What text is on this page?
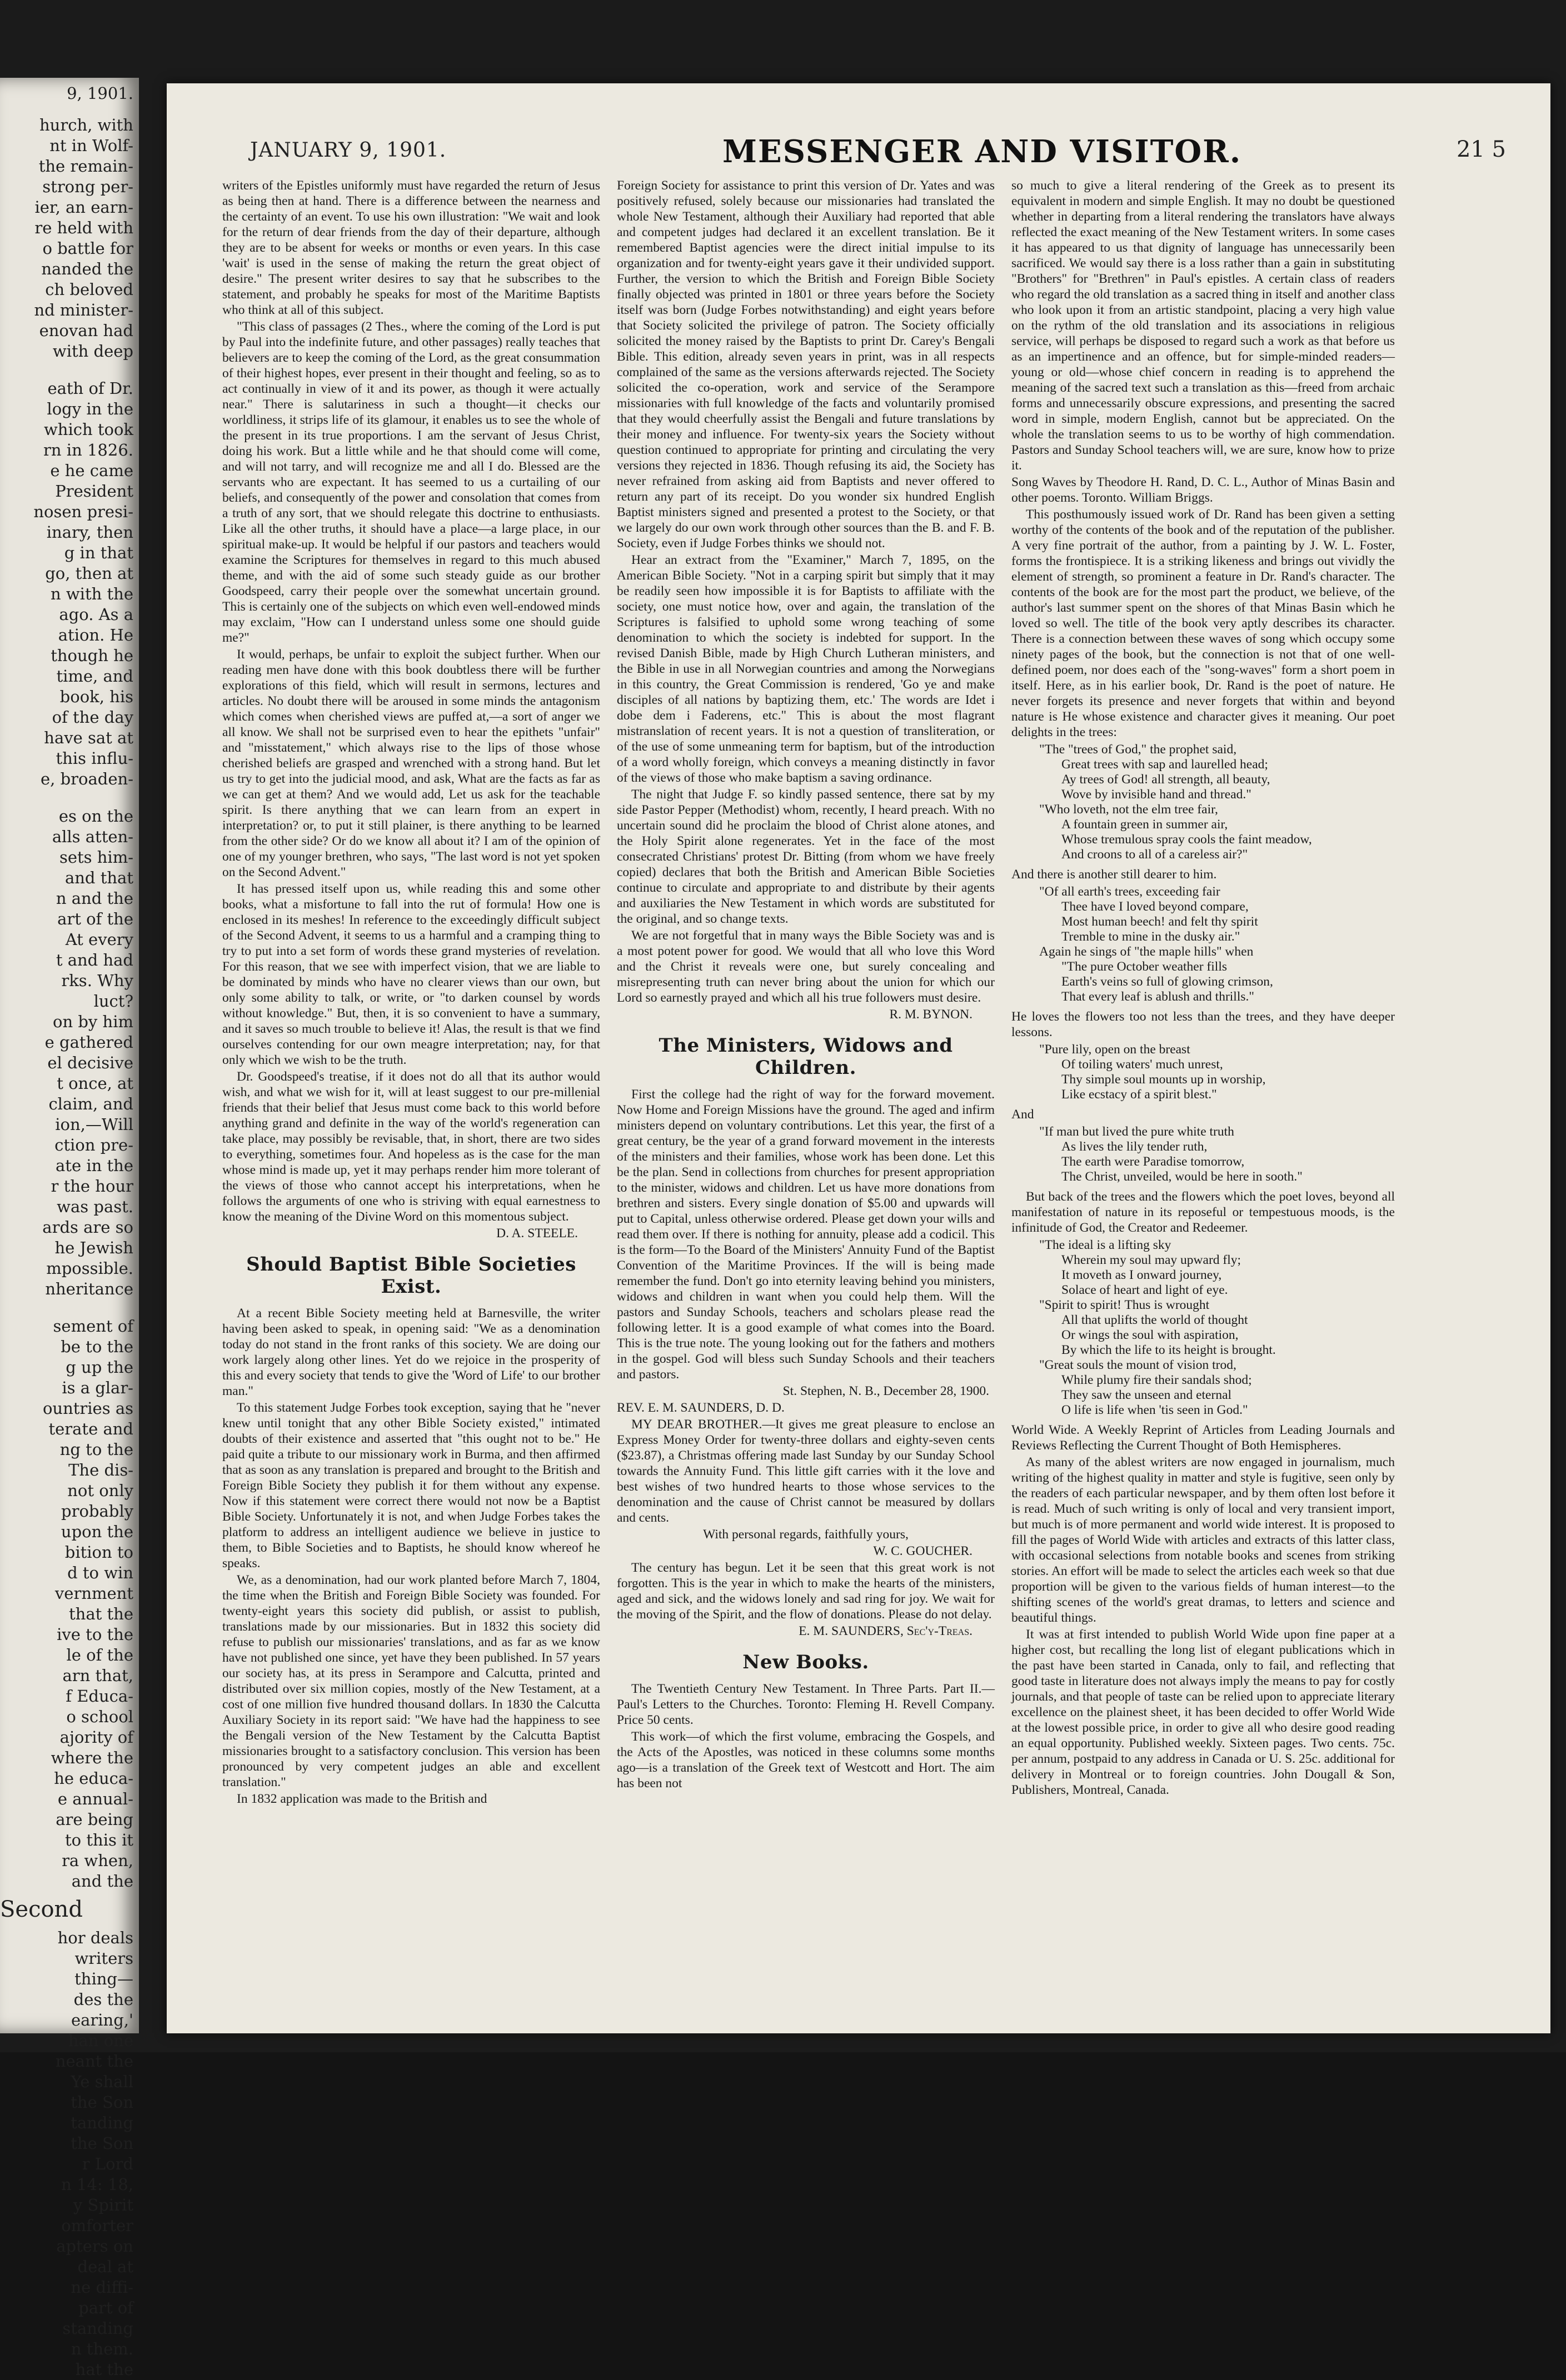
9, 1901.

hurch, with

nt in Wolf-

the remain-

strong per-

ier, an earn-

re held with

o battle for

nanded the

ch beloved

nd minister-

enovan had

with deep

eath of Dr.

logy in the

which took

rn in 1826.

e he came

President

nosen presi-

inary, then

g in that

go, then at

n with the

ago. As a

ation. He

though he

time, and

book, his

of the day

have sat at

this influ-

e, broaden-

es on the

alls atten-

sets him-

and that

n and the

art of the

At every

t and had

rks. Why

luct?

on by him

e gathered

el decisive

t once, at

claim, and

ion,—Will

ction pre-

ate in the

r the hour

was past.

ards are so

he Jewish

mpossible.

nheritance

sement of

be to the

g up the

is a glar-

ountries as

terate and

ng to the

The dis-

not only

probably

upon the

bition to

d to win

vernment

that the

ive to the

le of the

arn that,

f Educa-

o school

ajority of

where the

he educa-

e annual-

are being

to this it

ra when,

and the

Second

hor deals

writers

thing—

des the

earing,'

han one

neant the

Ye shall

the Son

tanding

the Son

r Lord

n 14: 18,

y Spirit

omforter

apters on

deal at

ne diffi-

part of

standing

n them.

hat the

JANUARY 9, 1901.	MESSENGER AND VISITOR.	21 5

writers of the Epistles uniformly must have regarded the return of Jesus as being then at hand. There is a difference between the nearness and the certainty of an event. To use his own illustration: "We wait and look for the return of dear friends from the day of their departure, although they are to be absent for weeks or months or even years. In this case 'wait' is used in the sense of making the return the great object of desire." The present writer desires to say that he subscribes to the statement, and probably he speaks for most of the Maritime Baptists who think at all of this subject.

"This class of passages (2 Thes., where the coming of the Lord is put by Paul into the indefinite future, and other passages) really teaches that believers are to keep the coming of the Lord, as the great consummation of their highest hopes, ever present in their thought and feeling, so as to act continually in view of it and its power, as though it were actually near." There is salutariness in such a thought—it checks our worldliness, it strips life of its glamour, it enables us to see the whole of the present in its true proportions. I am the servant of Jesus Christ, doing his work. But a little while and he that should come will come, and will not tarry, and will recognize me and all I do. Blessed are the servants who are expectant. It has seemed to us a curtailing of our beliefs, and consequently of the power and consolation that comes from a truth of any sort, that we should relegate this doctrine to enthusiasts. Like all the other truths, it should have a place—a large place, in our spiritual make-up. It would be helpful if our pastors and teachers would examine the Scriptures for themselves in regard to this much abused theme, and with the aid of some such steady guide as our brother Goodspeed, carry their people over the somewhat uncertain ground. This is certainly one of the subjects on which even well-endowed minds may exclaim, "How can I understand unless some one should guide me?"

It would, perhaps, be unfair to exploit the subject further. When our reading men have done with this book doubtless there will be further explorations of this field, which will result in sermons, lectures and articles. No doubt there will be aroused in some minds the antagonism which comes when cherished views are puffed at,—a sort of anger we all know. We shall not be surprised even to hear the epithets "unfair" and "misstatement," which always rise to the lips of those whose cherished beliefs are grasped and wrenched with a strong hand. But let us try to get into the judicial mood, and ask, What are the facts as far as we can get at them? And we would add, Let us ask for the teachable spirit. Is there anything that we can learn from an expert in interpretation? or, to put it still plainer, is there anything to be learned from the other side? Or do we know all about it? I am of the opinion of one of my younger brethren, who says, "The last word is not yet spoken on the Second Advent."

It has pressed itself upon us, while reading this and some other books, what a misfortune to fall into the rut of formula! How one is enclosed in its meshes! In reference to the exceedingly difficult subject of the Second Advent, it seems to us a harmful and a cramping thing to try to put into a set form of words these grand mysteries of revelation. For this reason, that we see with imperfect vision, that we are liable to be dominated by minds who have no clearer views than our own, but only some ability to talk, or write, or "to darken counsel by words without knowledge." But, then, it is so convenient to have a summary, and it saves so much trouble to believe it! Alas, the result is that we find ourselves contending for our own meagre interpretation; nay, for that only which we wish to be the truth.

Dr. Goodspeed's treatise, if it does not do all that its author would wish, and what we wish for it, will at least suggest to our pre-millenial friends that their belief that Jesus must come back to this world before anything grand and definite in the way of the world's regeneration can take place, may possibly be revisable, that, in short, there are two sides to everything, sometimes four. And hopeless as is the case for the man whose mind is made up, yet it may perhaps render him more tolerant of the views of those who cannot accept his interpretations, when he follows the arguments of one who is striving with equal earnestness to know the meaning of the Divine Word on this momentous subject.

D. A. STEELE.

Should Baptist Bible Societies Exist.

At a recent Bible Society meeting held at Barnesville, the writer having been asked to speak, in opening said: "We as a denomination today do not stand in the front ranks of this society. We are doing our work largely along other lines. Yet do we rejoice in the prosperity of this and every society that tends to give the 'Word of Life' to our brother man."

To this statement Judge Forbes took exception, saying that he "never knew until tonight that any other Bible Society existed," intimated doubts of their existence and asserted that "this ought not to be." He paid quite a tribute to our missionary work in Burma, and then affirmed that as soon as any translation is prepared and brought to the British and Foreign Bible Society they publish it for them without any expense. Now if this statement were correct there would not now be a Baptist Bible Society. Unfortunately it is not, and when Judge Forbes takes the platform to address an intelligent audience we believe in justice to them, to Bible Societies and to Baptists, he should know whereof he speaks.

We, as a denomination, had our work planted before March 7, 1804, the time when the British and Foreign Bible Society was founded. For twenty-eight years this society did publish, or assist to publish, translations made by our missionaries. But in 1832 this society did refuse to publish our missionaries' translations, and as far as we know have not published one since, yet have they been published. In 57 years our society has, at its press in Serampore and Calcutta, printed and distributed over six million copies, mostly of the New Testament, at a cost of one million five hundred thousand dollars. In 1830 the Calcutta Auxiliary Society in its report said: "We have had the happiness to see the Bengali version of the New Testament by the Calcutta Baptist missionaries brought to a satisfactory conclusion. This version has been pronounced by very competent judges an able and excellent translation."

In 1832 application was made to the British and

Foreign Society for assistance to print this version of Dr. Yates and was positively refused, solely because our missionaries had translated the whole New Testament, although their Auxiliary had reported that able and competent judges had declared it an excellent translation. Be it remembered Baptist agencies were the direct initial impulse to its organization and for twenty-eight years gave it their undivided support. Further, the version to which the British and Foreign Bible Society finally objected was printed in 1801 or three years before the Society itself was born (Judge Forbes notwithstanding) and eight years before that Society solicited the privilege of patron. The Society officially solicited the money raised by the Baptists to print Dr. Carey's Bengali Bible. This edition, already seven years in print, was in all respects complained of the same as the versions afterwards rejected. The Society solicited the co-operation, work and service of the Serampore missionaries with full knowledge of the facts and voluntarily promised that they would cheerfully assist the Bengali and future translations by their money and influence. For twenty-six years the Society without question continued to appropriate for printing and circulating the very versions they rejected in 1836. Though refusing its aid, the Society has never refrained from asking aid from Baptists and never offered to return any part of its receipt. Do you wonder six hundred English Baptist ministers signed and presented a protest to the Society, or that we largely do our own work through other sources than the B. and F. B. Society, even if Judge Forbes thinks we should not.

Hear an extract from the "Examiner," March 7, 1895, on the American Bible Society. "Not in a carping spirit but simply that it may be readily seen how impossible it is for Baptists to affiliate with the society, one must notice how, over and again, the translation of the Scriptures is falsified to uphold some wrong teaching of some denomination to which the society is indebted for support. In the revised Danish Bible, made by High Church Lutheran ministers, and the Bible in use in all Norwegian countries and among the Norwegians in this country, the Great Commission is rendered, 'Go ye and make disciples of all nations by baptizing them, etc.' The words are Idet i dobe dem i Faderens, etc." This is about the most flagrant mistranslation of recent years. It is not a question of transliteration, or of the use of some unmeaning term for baptism, but of the introduction of a word wholly foreign, which conveys a meaning distinctly in favor of the views of those who make baptism a saving ordinance.

The night that Judge F. so kindly passed sentence, there sat by my side Pastor Pepper (Methodist) whom, recently, I heard preach. With no uncertain sound did he proclaim the blood of Christ alone atones, and the Holy Spirit alone regenerates. Yet in the face of the most consecrated Christians' protest Dr. Bitting (from whom we have freely copied) declares that both the British and American Bible Societies continue to circulate and appropriate to and distribute by their agents and auxiliaries the New Testament in which words are substituted for the original, and so change texts.

We are not forgetful that in many ways the Bible Society was and is a most potent power for good. We would that all who love this Word and the Christ it reveals were one, but surely concealing and misrepresenting truth can never bring about the union for which our Lord so earnestly prayed and which all his true followers must desire.

R. M. BYNON.

The Ministers, Widows and Children.

First the college had the right of way for the forward movement. Now Home and Foreign Missions have the ground. The aged and infirm ministers depend on voluntary contributions. Let this year, the first of a great century, be the year of a grand forward movement in the interests of the ministers and their families, whose work has been done. Let this be the plan. Send in collections from churches for present appropriation to the minister, widows and children. Let us have more donations from brethren and sisters. Every single donation of $5.00 and upwards will put to Capital, unless otherwise ordered. Please get down your wills and read them over. If there is nothing for annuity, please add a codicil. This is the form—To the Board of the Ministers' Annuity Fund of the Baptist Convention of the Maritime Provinces. If the will is being made remember the fund. Don't go into eternity leaving behind you ministers, widows and children in want when you could help them. Will the pastors and Sunday Schools, teachers and scholars please read the following letter. It is a good example of what comes into the Board. This is the true note. The young looking out for the fathers and mothers in the gospel. God will bless such Sunday Schools and their teachers and pastors.

St. Stephen, N. B., December 28, 1900.

REV. E. M. SAUNDERS, D. D.

MY DEAR BROTHER.—It gives me great pleasure to enclose an Express Money Order for twenty-three dollars and eighty-seven cents ($23.87), a Christmas offering made last Sunday by our Sunday School towards the Annuity Fund. This little gift carries with it the love and best wishes of two hundred hearts to those whose services to the denomination and the cause of Christ cannot be measured by dollars and cents.

With personal regards, faithfully yours,

W. C. GOUCHER.

The century has begun. Let it be seen that this great work is not forgotten. This is the year in which to make the hearts of the ministers, aged and sick, and the widows lonely and sad ring for joy. We wait for the moving of the Spirit, and the flow of donations. Please do not delay.

E. M. SAUNDERS, Sec'y-Treas.

New Books.

The Twentieth Century New Testament. In Three Parts. Part II.—Paul's Letters to the Churches. Toronto: Fleming H. Revell Company. Price 50 cents.

This work—of which the first volume, embracing the Gospels, and the Acts of the Apostles, was noticed in these columns some months ago—is a translation of the Greek text of Westcott and Hort. The aim has been not

so much to give a literal rendering of the Greek as to present its equivalent in modern and simple English. It may no doubt be questioned whether in departing from a literal rendering the translators have always reflected the exact meaning of the New Testament writers. In some cases it has appeared to us that dignity of language has unnecessarily been sacrificed. We would say there is a loss rather than a gain in substituting "Brothers" for "Brethren" in Paul's epistles. A certain class of readers who regard the old translation as a sacred thing in itself and another class who look upon it from an artistic standpoint, placing a very high value on the rythm of the old translation and its associations in religious service, will perhaps be disposed to regard such a work as that before us as an impertinence and an offence, but for simple-minded readers—young or old—whose chief concern in reading is to apprehend the meaning of the sacred text such a translation as this—freed from archaic forms and unnecessarily obscure expressions, and presenting the sacred word in simple, modern English, cannot but be appreciated. On the whole the translation seems to us to be worthy of high commendation. Pastors and Sunday School teachers will, we are sure, know how to prize it.

Song Waves by Theodore H. Rand, D. C. L., Author of Minas Basin and other poems. Toronto. William Briggs.

This posthumously issued work of Dr. Rand has been given a setting worthy of the contents of the book and of the reputation of the publisher. A very fine portrait of the author, from a painting by J. W. L. Foster, forms the frontispiece. It is a striking likeness and brings out vividly the element of strength, so prominent a feature in Dr. Rand's character. The contents of the book are for the most part the product, we believe, of the author's last summer spent on the shores of that Minas Basin which he loved so well. The title of the book very aptly describes its character. There is a connection between these waves of song which occupy some ninety pages of the book, but the connection is not that of one well-defined poem, nor does each of the "song-waves" form a short poem in itself. Here, as in his earlier book, Dr. Rand is the poet of nature. He never forgets its presence and never forgets that within and beyond nature is He whose existence and character gives it meaning. Our poet delights in the trees:

"The "trees of God," the prophet said,
Great trees with sap and laurelled head;
Ay trees of God! all strength, all beauty,
Wove by invisible hand and thread."
"Who loveth, not the elm tree fair,
A fountain green in summer air,
Whose tremulous spray cools the faint meadow,
And croons to all of a careless air?"

And there is another still dearer to him.

"Of all earth's trees, exceeding fair
Thee have I loved beyond compare,
Most human beech! and felt thy spirit
Tremble to mine in the dusky air."
Again he sings of "the maple hills" when
"The pure October weather fills
Earth's veins so full of glowing crimson,
That every leaf is ablush and thrills."

He loves the flowers too not less than the trees, and they have deeper lessons.

"Pure lily, open on the breast
Of toiling waters' much unrest,
Thy simple soul mounts up in worship,
Like ecstacy of a spirit blest."

And

"If man but lived the pure white truth
As lives the lily tender ruth,
The earth were Paradise tomorrow,
The Christ, unveiled, would be here in sooth."

But back of the trees and the flowers which the poet loves, beyond all manifestation of nature in its reposeful or tempestuous moods, is the infinitude of God, the Creator and Redeemer.

"The ideal is a lifting sky
Wherein my soul may upward fly;
It moveth as I onward journey,
Solace of heart and light of eye.
"Spirit to spirit! Thus is wrought
All that uplifts the world of thought
Or wings the soul with aspiration,
By which the life to its height is brought.
"Great souls the mount of vision trod,
While plumy fire their sandals shod;
They saw the unseen and eternal
O life is life when 'tis seen in God."

World Wide. A Weekly Reprint of Articles from Leading Journals and Reviews Reflecting the Current Thought of Both Hemispheres.

As many of the ablest writers are now engaged in journalism, much writing of the highest quality in matter and style is fugitive, seen only by the readers of each particular newspaper, and by them often lost before it is read. Much of such writing is only of local and very transient import, but much is of more permanent and world wide interest. It is proposed to fill the pages of World Wide with articles and extracts of this latter class, with occasional selections from notable books and scenes from striking stories. An effort will be made to select the articles each week so that due proportion will be given to the various fields of human interest—to the shifting scenes of the world's great dramas, to letters and science and beautiful things.

It was at first intended to publish World Wide upon fine paper at a higher cost, but recalling the long list of elegant publications which in the past have been started in Canada, only to fail, and reflecting that good taste in literature does not always imply the means to pay for costly journals, and that people of taste can be relied upon to appreciate literary excellence on the plainest sheet, it has been decided to offer World Wide at the lowest possible price, in order to give all who desire good reading an equal opportunity. Published weekly. Sixteen pages. Two cents. 75c. per annum, postpaid to any address in Canada or U. S. 25c. additional for delivery in Montreal or to foreign countries. John Dougall & Son, Publishers, Montreal, Canada.
